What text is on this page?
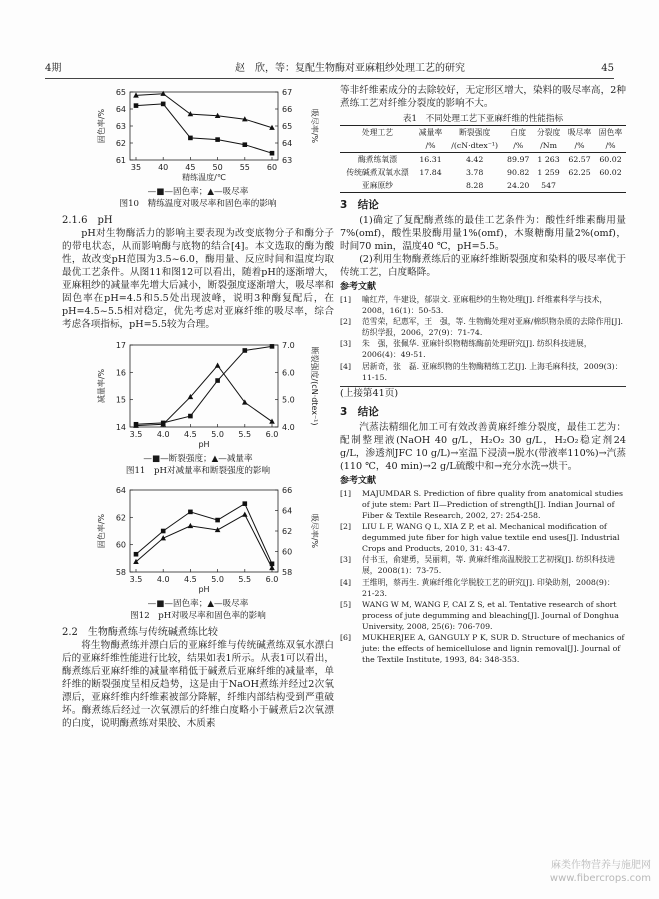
4期	赵　欣，等：复配生物酶对亚麻粗纱处理工艺的研究	45
61
62
63
64
65
63
64
65
66
67
35 40 45 50 55 60
精练温度/℃
固色率/%	吸尽率/%
—■—固色率；▲—吸尽率
图10　精练温度对吸尽率和固色率的影响
2.1.6　pH

pH对生物酶活力的影响主要表现为改变底物分子和酶分子的带电状态，从而影响酶与底物的结合[4]。本文选取的酶为酸性，故改变pH范围为3.5~6.0，酶用量、反应时间和温度均取最优工艺条件。从图11和图12可以看出，随着pH的逐渐增大，亚麻粗纱的减量率先增大后减小，断裂强度逐渐增大，吸尽率和固色率在pH=4.5和5.5处出现波峰，说明3种酶复配后，在pH=4.5~5.5相对稳定，优先考虑对亚麻纤维的吸尽率，综合考虑各项指标，pH=5.5较为合理。

14
15
16
17
4.0
5.0
6.0
7.0
3.5 4.0 4.5 5.0 5.5 6.0
pH
减量率/%	断裂强度/(cN·dtex⁻¹)
—■—断裂强度；▲—减量率
图11　pH对减量率和断裂强度的影响
58
60
62
64
58
60
62
64
66
3.5 4.0 4.5 5.0 5.5 6.0
pH
固色率/%	吸尽率/%
—■—固色率；▲—吸尽率
图12　pH对吸尽率和固色率的影响
2.2　生物酶煮练与传统碱煮练比较

将生物酶煮练并漂白后的亚麻纤维与传统碱煮练双氧水漂白后的亚麻纤维性能进行比较，结果如表1所示。从表1可以看出，酶煮练后亚麻纤维的减量率稍低于碱煮后亚麻纤维的减量率，单纤维的断裂强度呈相反趋势，这是由于NaOH煮练并经过2次氧漂后，亚麻纤维内纤维素被部分降解，纤维内部结构受到严重破坏。酶煮练后经过一次氧漂后的纤维白度略小于碱煮后2次氧漂的白度，说明酶煮练对果胶、木质素

等非纤维素成分的去除较好，无定形区增大，染料的吸尽率高，2种煮练工艺对纤维分裂度的影响不大。

表1　不同处理工艺下亚麻纤维的性能指标
处理工艺	减量率	断裂强度	白度	分裂度	吸尽率	固色率
	/%	/(cN·dtex⁻¹)	/%	/Nm	/%	/%
酶煮练氧漂	16.31	4.42	89.97	1 263	62.57	60.02
传统碱煮双氧水漂	17.84	3.78	90.82	1 259	62.25	60.02
亚麻原纱		8.28	24.20	547		
3　结论

(1)确定了复配酶煮练的最佳工艺条件为：酸性纤维素酶用量7%(omf)，酸性果胶酶用量1%(omf)，木聚糖酶用量2%(omf)，时间70 min，温度40 ℃，pH=5.5。

(2)利用生物酶煮练后的亚麻纤维断裂强度和染料的吸尽率优于传统工艺，白度略降。

参考文献
[1] 喻红芹，牛建设，郁崇文. 亚麻粗纱的生物处理[J]. 纤维素科学与技术，2008，16(1)：50-53.
[2] 范雪荣，纪惠军，王　强，等. 生物酶处理对亚麻/棉织物杂质的去除作用[J]. 纺织学报，2006，27(9)：71-74.
[3] 朱　强，张佩华. 亚麻针织物精练酶前处理研究[J]. 纺织科技进展，2006(4)：49-51.
[4] 居新奇，张　磊. 亚麻织物的生物酶精练工艺[J]. 上海毛麻科技，2009(3)：11-15.
(上接第41页)
3　结论

汽蒸法精细化加工可有效改善黄麻纤维分裂度，最佳工艺为：配制整理液(NaOH 40 g/L，H₂O₂ 30 g/L，H₂O₂稳定剂24 g/L，渗透剂JFC 10 g/L)→室温下浸渍→脱水(带液率110%)→汽蒸(110 ℃，40 min)→2 g/L硫酸中和→充分水洗→烘干。

参考文献
[1] MAJUMDAR S. Prediction of fibre quality from anatomical studies of jute stem: Part II—Prediction of strength[J]. Indian Journal of Fiber & Textile Research, 2002, 27: 254-258.
[2] LIU L F, WANG Q L, XIA Z P, et al. Mechanical modification of degummed jute fiber for high value textile end uses[J]. Industrial Crops and Products, 2010, 31: 43-47.
[3] 付书玉，俞建勇，吴丽莉，等. 黄麻纤维高温脱胶工艺初探[J]. 纺织科技进展，2008(1)：73-75.
[4] 王维明，蔡再生. 黄麻纤维化学脱胶工艺的研究[J]. 印染助剂，2008(9)：21-23.
[5] WANG W M, WANG F, CAI Z S, et al. Tentative research of short process of jute degumming and bleaching[J]. Journal of Donghua University, 2008, 25(6): 706-709.
[6] MUKHERJEE A, GANGULY P K, SUR D. Structure of mechanics of jute: the effects of hemicellulose and lignin removal[J]. Journal of the Textile Institute, 1993, 84: 348-353.
麻类作物营养与施肥网
www.fibercrops.com
